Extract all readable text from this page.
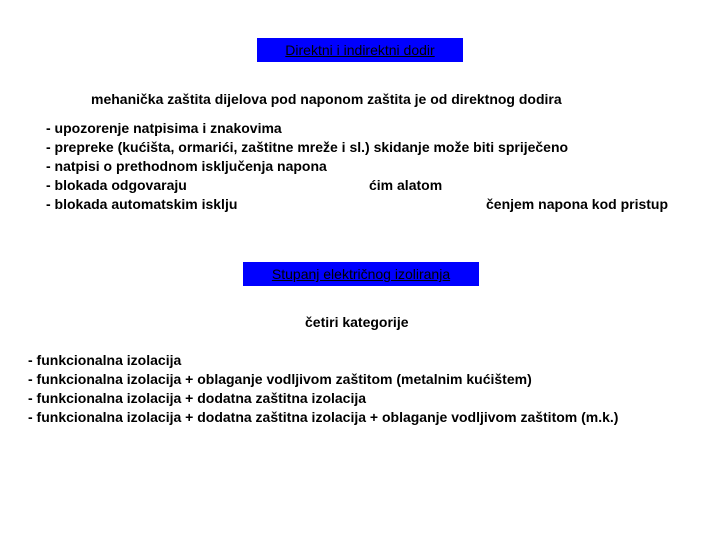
Direktni i indirektni dodir
mehanička zaštita dijelova pod naponom zaštita je od direktnog dodira
- upozorenje natpisima i znakovima
- prepreke (kućišta, ormarići, zaštitne mreže i sl.) skidanje može biti spriječeno
- natpisi o prethodnom isključenja napona

- blokada odgovaraju

	ćim alatom

- blokada automatskim isklju

	čenjem napona kod pristup

Stupanj električnog izoliranja
četiri kategorije
- funkcionalna izolacija
- funkcionalna izolacija + oblaganje vodljivom zaštitom (metalnim kućištem)
- funkcionalna izolacija + dodatna zaštitna izolacija
- funkcionalna izolacija + dodatna zaštitna izolacija + oblaganje vodljivom zaštitom (m.k.)
